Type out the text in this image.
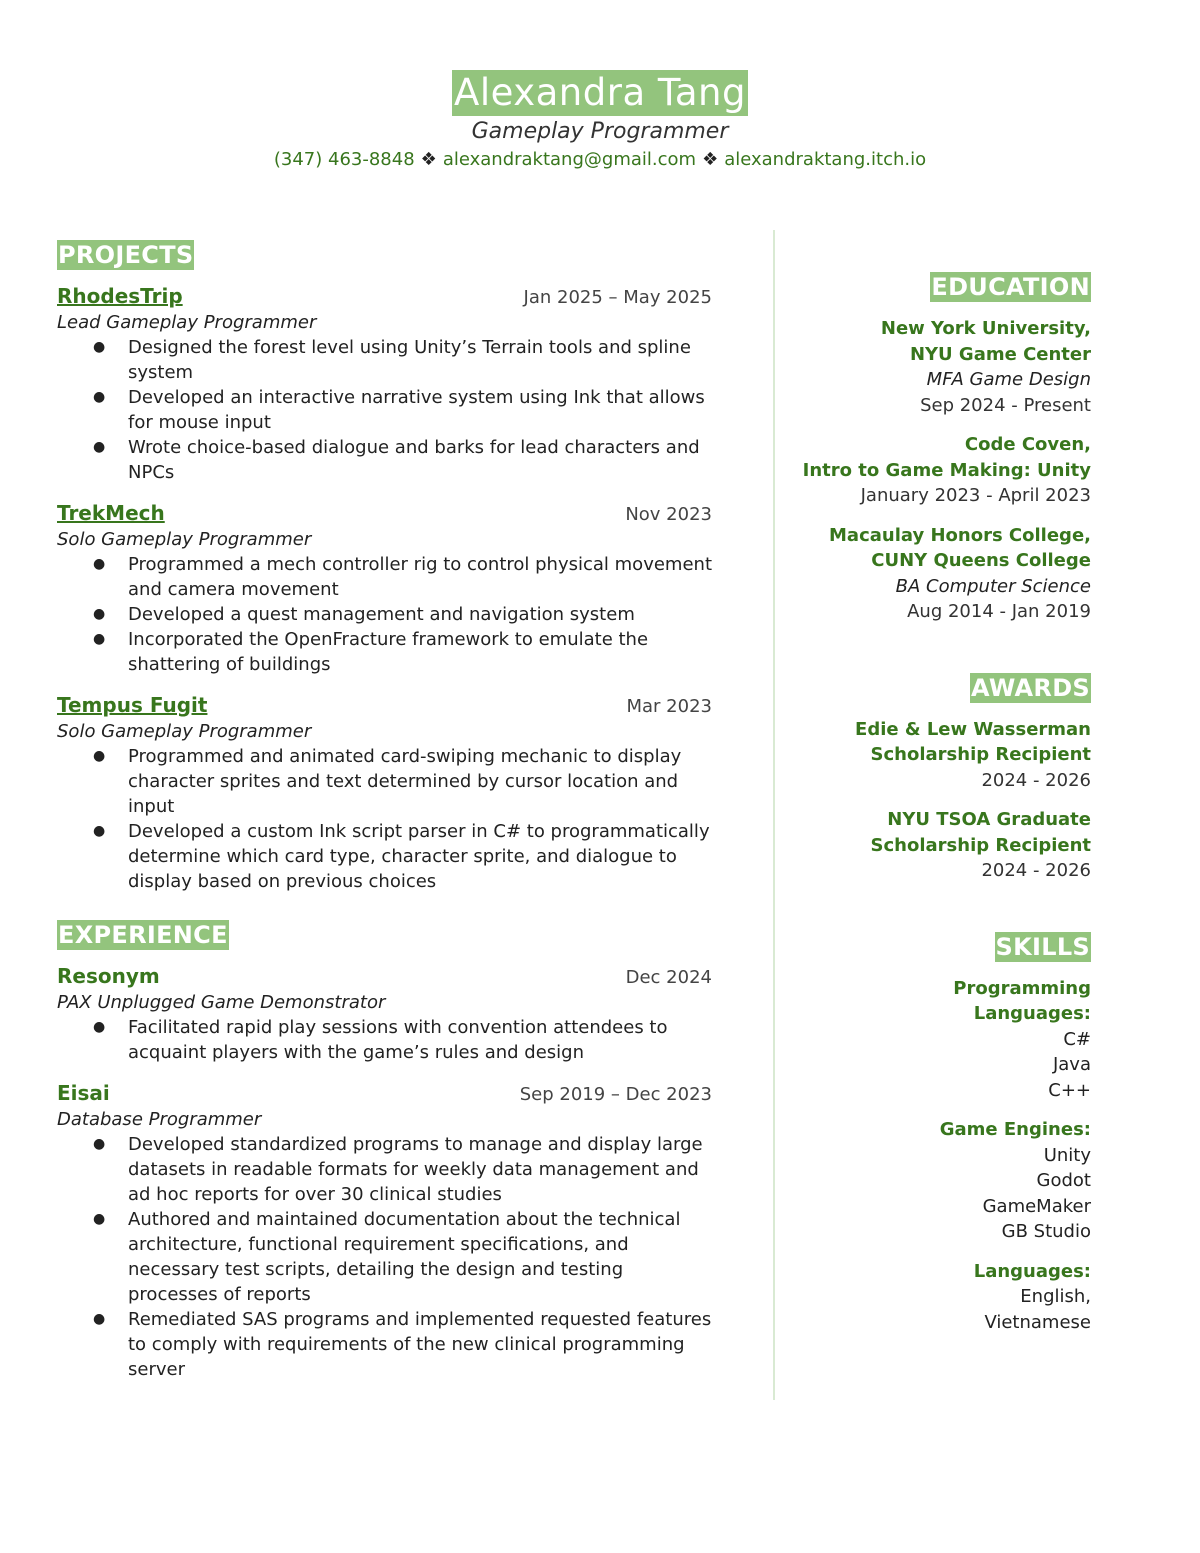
Alexandra Tang
Gameplay Programmer
(347) 463-8848 ❖ alexandraktang@gmail.com ❖ alexandraktang.itch.io
PROJECTS
RhodesTrip	Jan 2025 – May 2025
Lead Gameplay Programmer
● Designed the forest level using Unity’s Terrain tools and spline system
● Developed an interactive narrative system using Ink that allows for mouse input
● Wrote choice-based dialogue and barks for lead characters and NPCs
TrekMech	Nov 2023
Solo Gameplay Programmer
● Programmed a mech controller rig to control physical movement and camera movement
● Developed a quest management and navigation system
● Incorporated the OpenFracture framework to emulate the shattering of buildings
Tempus Fugit	Mar 2023
Solo Gameplay Programmer
● Programmed and animated card-swiping mechanic to display character sprites and text determined by cursor location and input
● Developed a custom Ink script parser in C# to programmatically determine which card type, character sprite, and dialogue to display based on previous choices
EXPERIENCE
Resonym	Dec 2024
PAX Unplugged Game Demonstrator
● Facilitated rapid play sessions with convention attendees to acquaint players with the game’s rules and design
Eisai	Sep 2019 – Dec 2023
Database Programmer
● Developed standardized programs to manage and display large datasets in readable formats for weekly data management and ad hoc reports for over 30 clinical studies
● Authored and maintained documentation about the technical architecture, functional requirement specifications, and necessary test scripts, detailing the design and testing processes of reports
● Remediated SAS programs and implemented requested features to comply with requirements of the new clinical programming server
EDUCATION
New York University,
NYU Game Center
MFA Game Design
Sep 2024 - Present
Code Coven,
Intro to Game Making: Unity
January 2023 - April 2023
Macaulay Honors College,
CUNY Queens College
BA Computer Science
Aug 2014 - Jan 2019
AWARDS
Edie & Lew Wasserman
Scholarship Recipient
2024 - 2026
NYU TSOA Graduate
Scholarship Recipient
2024 - 2026
SKILLS
Programming
Languages:
C#
Java
C++
Game Engines:
Unity
Godot
GameMaker
GB Studio
Languages:
English,
Vietnamese
